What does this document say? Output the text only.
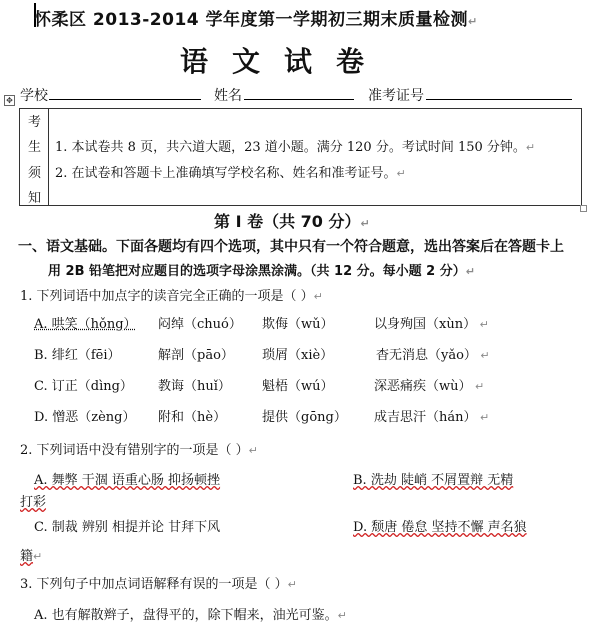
怀柔区 2013-2014 学年度第一学期初三期末质量检测↵
语文试卷
学校	姓名	准考证号
✥
考
生
须
知
1. 本试卷共 8 页，共六道大题，23 道小题。满分 120 分。考试时间 150 分钟。↵
2. 在试卷和答题卡上准确填写学校名称、姓名和准考证号。↵
第 I 卷（共 70 分）↵
一、语文基础。下面各题均有四个选项，其中只有一个符合题意，选出答案后在答题卡上
用 2B 铅笔把对应题目的选项字母涂黑涂满。（共 12 分。每小题 2 分）↵
1. 下列词语中加点字的读音完全正确的一项是（ ）↵
A. 哄笑（hǒng） 闷绰（chuó） 欺侮（wǔ）	以身殉国（xùn） ↵
B. 绯红（fēi）	解剖（pāo） 琐屑（xiè）	杳无消息（yǎo） ↵
C. 订正（dìng） 教诲（huǐ） 魁梧（wú）	深恶痛疾（wù） ↵
D. 憎恶（zèng） 附和（hè）	提供（gōng） 成吉思汗（hán） ↵
2. 下列词语中没有错别字的一项是（ ）↵
A. 舞弊 干涸 语重心肠 抑扬顿挫	B. 洗劫 陡峭 不屑置辩 无精
打彩
C. 制裁 辨别 相提并论 甘拜下风	D. 颓唐 倦怠 坚持不懈 声名狼
籍↵
3. 下列句子中加点词语解释有误的一项是（ ）↵
A. 也有解散辫子，盘得平的，除下帽来，油光可鉴。↵
